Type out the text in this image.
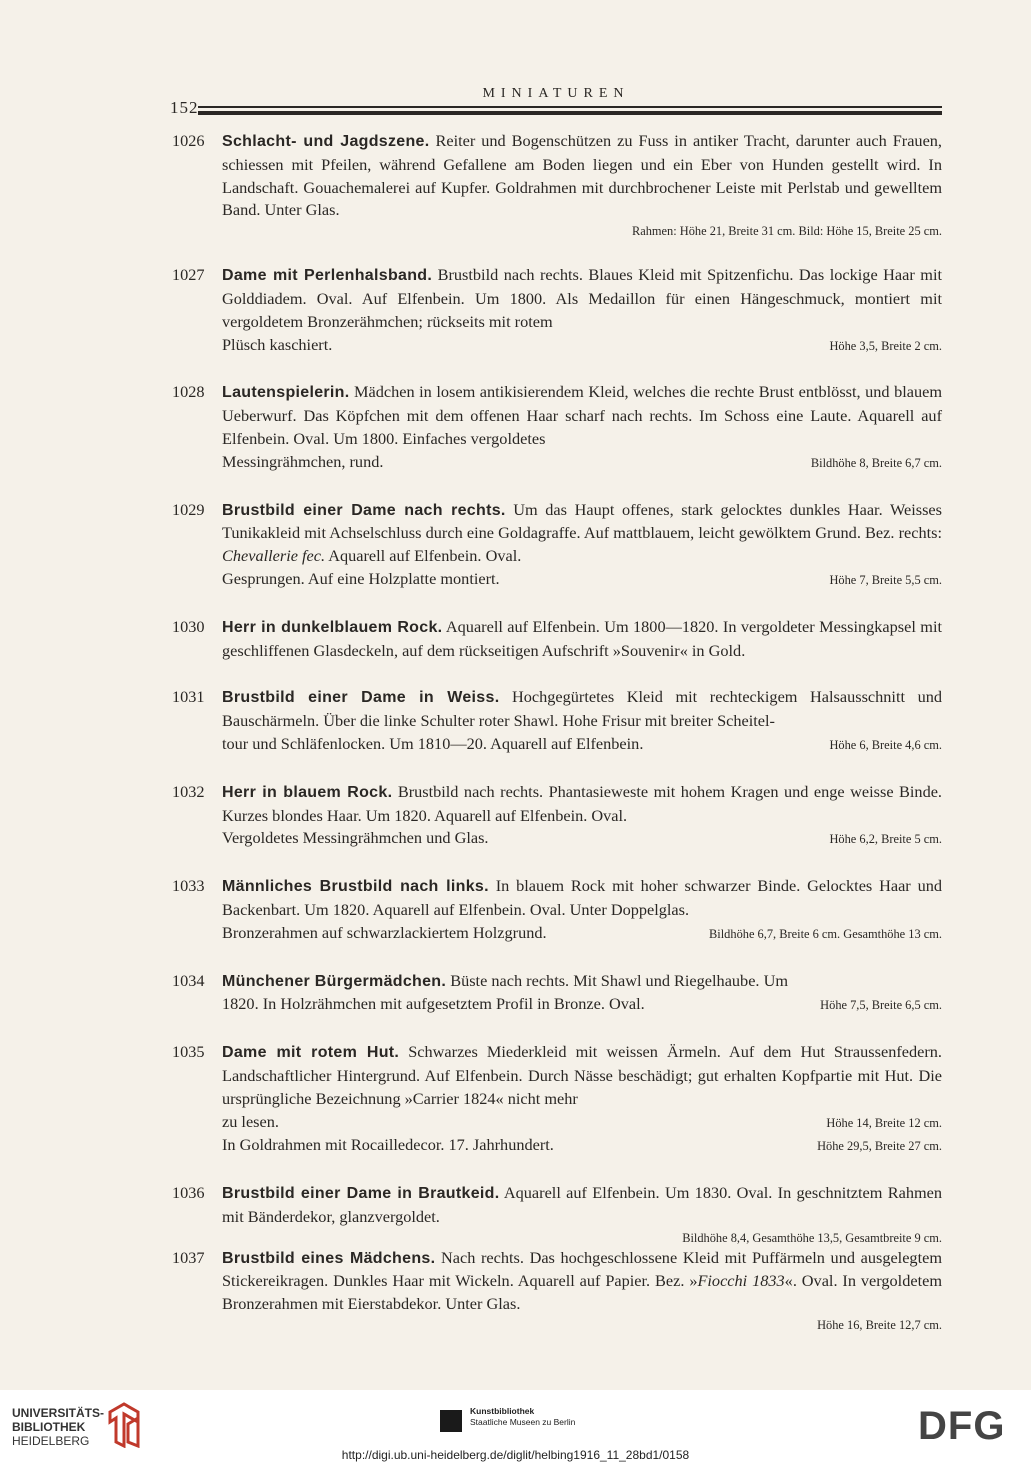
MINIATUREN
152
1026	Schlacht- und Jagdszene. Reiter und Bogenschützen zu Fuss in antiker Tracht, darunter auch Frauen, schiessen mit Pfeilen, während Gefallene am Boden liegen und ein Eber von Hunden gestellt wird. In Landschaft. Gouachemalerei auf Kupfer. Goldrahmen mit durchbrochener Leiste mit Perlstab und gewelltem Band. Unter Glas.
Rahmen: Höhe 21, Breite 31 cm. Bild: Höhe 15, Breite 25 cm.
1027	Dame mit Perlenhalsband. Brustbild nach rechts. Blaues Kleid mit Spitzenfichu. Das lockige Haar mit Golddiadem. Oval. Auf Elfenbein. Um 1800. Als Medaillon für einen Hängeschmuck, montiert mit vergoldetem Bronzerähmchen; rückseits mit rotem
Plüsch kaschiert.	Höhe 3,5, Breite 2 cm.
1028	Lautenspielerin. Mädchen in losem antikisierendem Kleid, welches die rechte Brust entblösst, und blauem Ueberwurf. Das Köpfchen mit dem offenen Haar scharf nach rechts. Im Schoss eine Laute. Aquarell auf Elfenbein. Oval. Um 1800. Einfaches vergoldetes
Messingrähmchen, rund.	Bildhöhe 8, Breite 6,7 cm.
1029	Brustbild einer Dame nach rechts. Um das Haupt offenes, stark gelocktes dunkles Haar. Weisses Tunikakleid mit Achselschluss durch eine Goldagraffe. Auf mattblauem, leicht gewölktem Grund. Bez. rechts: Chevallerie fec. Aquarell auf Elfenbein. Oval.
Gesprungen. Auf eine Holzplatte montiert.	Höhe 7, Breite 5,5 cm.
1030	Herr in dunkelblauem Rock. Aquarell auf Elfenbein. Um 1800—1820. In vergoldeter Messingkapsel mit geschliffenen Glasdeckeln, auf dem rückseitigen Aufschrift »Souvenir« in Gold.
1031	Brustbild einer Dame in Weiss. Hochgegürtetes Kleid mit rechteckigem Halsausschnitt und Bauschärmeln. Über die linke Schulter roter Shawl. Hohe Frisur mit breiter Scheitel-
tour und Schläfenlocken. Um 1810—20. Aquarell auf Elfenbein.	Höhe 6, Breite 4,6 cm.
1032	Herr in blauem Rock. Brustbild nach rechts. Phantasieweste mit hohem Kragen und enge weisse Binde. Kurzes blondes Haar. Um 1820. Aquarell auf Elfenbein. Oval.
Vergoldetes Messingrähmchen und Glas.	Höhe 6,2, Breite 5 cm.
1033	Männliches Brustbild nach links. In blauem Rock mit hoher schwarzer Binde. Gelocktes Haar und Backenbart. Um 1820. Aquarell auf Elfenbein. Oval. Unter Doppelglas.
Bronzerahmen auf schwarzlackiertem Holzgrund.	Bildhöhe 6,7, Breite 6 cm. Gesamthöhe 13 cm.
1034	Münchener Bürgermädchen. Büste nach rechts. Mit Shawl und Riegelhaube. Um
1820. In Holzrähmchen mit aufgesetztem Profil in Bronze. Oval.	Höhe 7,5, Breite 6,5 cm.
1035	Dame mit rotem Hut. Schwarzes Miederkleid mit weissen Ärmeln. Auf dem Hut Straussenfedern. Landschaftlicher Hintergrund. Auf Elfenbein. Durch Nässe beschädigt; gut erhalten Kopfpartie mit Hut. Die ursprüngliche Bezeichnung »Carrier 1824« nicht mehr
zu lesen.	Höhe 14, Breite 12 cm.
In Goldrahmen mit Rocailledecor. 17. Jahrhundert.	Höhe 29,5, Breite 27 cm.
1036	Brustbild einer Dame in Brautkeid. Aquarell auf Elfenbein. Um 1830. Oval. In geschnitztem Rahmen mit Bänderdekor, glanzvergoldet.
Bildhöhe 8,4, Gesamthöhe 13,5, Gesamtbreite 9 cm.
1037	Brustbild eines Mädchens. Nach rechts. Das hochgeschlossene Kleid mit Puffärmeln und ausgelegtem Stickereikragen. Dunkles Haar mit Wickeln. Aquarell auf Papier. Bez. »Fiocchi 1833«. Oval. In vergoldetem Bronzerahmen mit Eierstabdekor. Unter Glas.
Höhe 16, Breite 12,7 cm.
UNIVERSITÄTS-
BIBLIOTHEK
HEIDELBERG
Kunstbibliothek
Staatliche Museen zu Berlin	DFG
http://digi.ub.uni-heidelberg.de/diglit/helbing1916_11_28bd1/0158
